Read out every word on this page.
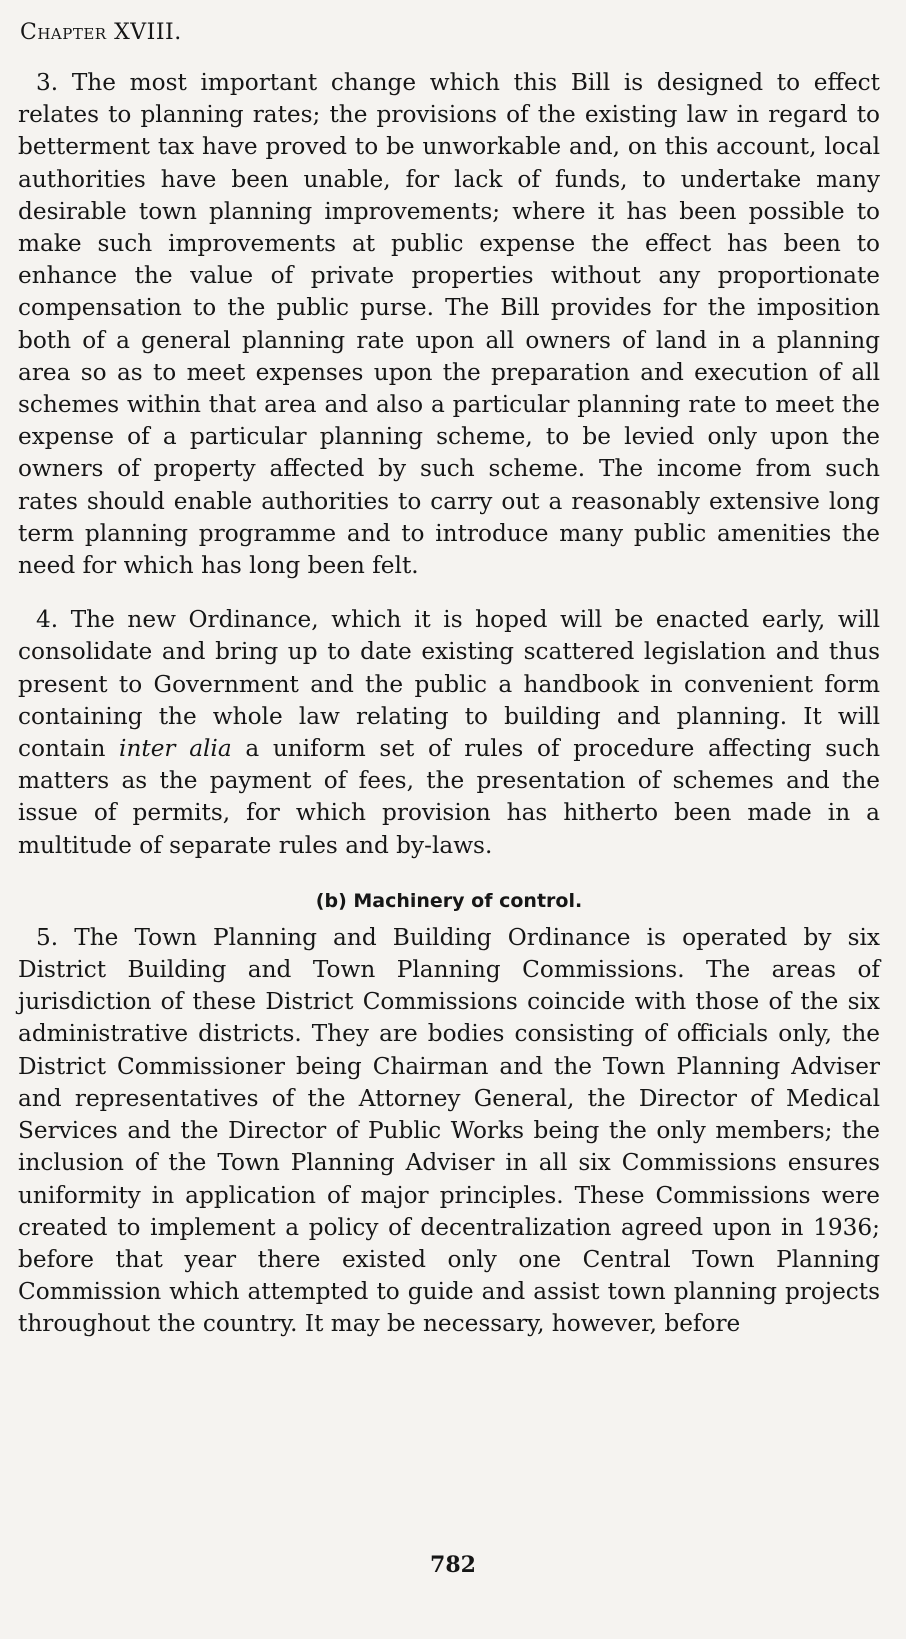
Chapter XVIII.

3. The most important change which this Bill is designed to effect relates to planning rates; the provisions of the existing law in regard to betterment tax have proved to be unworkable and, on this account, local authorities have been unable, for lack of funds, to undertake many desirable town planning improvements; where it has been possible to make such improvements at public expense the effect has been to enhance the value of private properties without any proportionate compensation to the public purse. The Bill provides for the imposition both of a general planning rate upon all owners of land in a planning area so as to meet expenses upon the preparation and execution of all schemes within that area and also a particular planning rate to meet the expense of a particular planning scheme, to be levied only upon the owners of property affected by such scheme. The income from such rates should enable authorities to carry out a reasonably extensive long term planning programme and to introduce many public amenities the need for which has long been felt.

4. The new Ordinance, which it is hoped will be enacted early, will consolidate and bring up to date existing scattered legislation and thus present to Government and the public a handbook in convenient form containing the whole law relating to building and planning. It will contain inter alia a uniform set of rules of procedure affecting such matters as the payment of fees, the presentation of schemes and the issue of permits, for which provision has hitherto been made in a multitude of separate rules and by-laws.

(b) Machinery of control.

5. The Town Planning and Building Ordinance is operated by six District Building and Town Planning Commissions. The areas of jurisdiction of these District Commissions coincide with those of the six administrative districts. They are bodies consisting of officials only, the District Commissioner being Chairman and the Town Planning Adviser and representatives of the Attorney General, the Director of Medical Services and the Director of Public Works being the only members; the inclusion of the Town Planning Adviser in all six Commissions ensures uniformity in application of major principles. These Commissions were created to implement a policy of decentralization agreed upon in 1936; before that year there existed only one Central Town Planning Commission which attempted to guide and assist town planning projects throughout the country. It may be necessary, however, before

782
